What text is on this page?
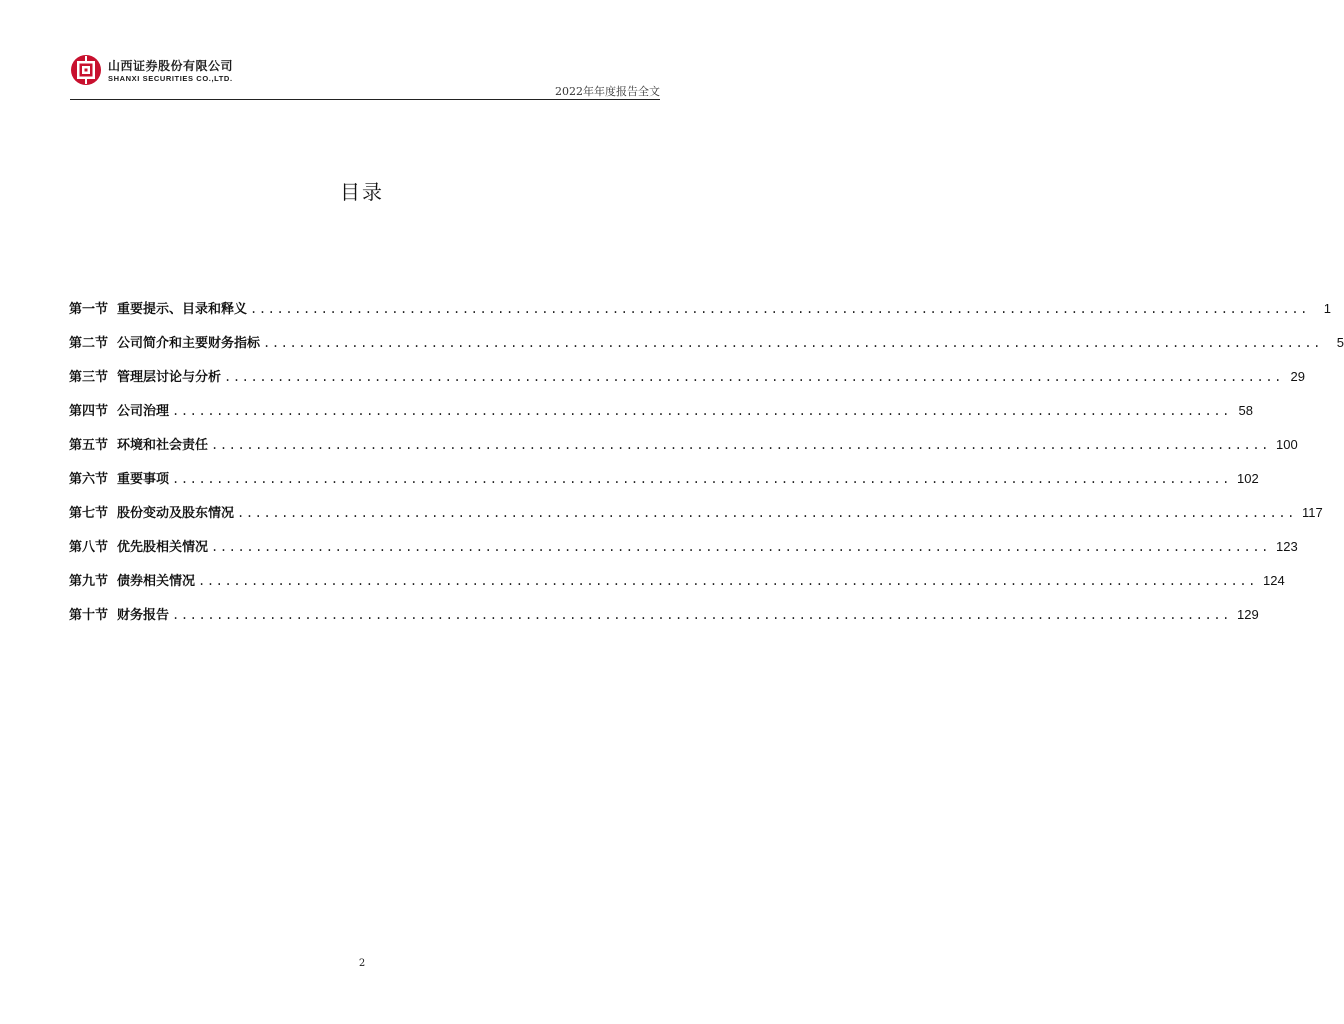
山西证券股份有限公司
SHANXI SECURITIES CO.,LTD.
2022年年度报告全文
目录
第一节 重要提示、目录和释义 ........................................................................................................................	1
第二节 公司简介和主要财务指标 ........................................................................................................................	5
第三节 管理层讨论与分析 ........................................................................................................................ 29
第四节 公司治理 ........................................................................................................................ 58
第五节 环境和社会责任 ........................................................................................................................ 100
第六节 重要事项 ........................................................................................................................ 102
第七节 股份变动及股东情况 ........................................................................................................................ 117
第八节 优先股相关情况 ........................................................................................................................ 123
第九节 债券相关情况 ........................................................................................................................ 124
第十节 财务报告 ........................................................................................................................ 129
2
